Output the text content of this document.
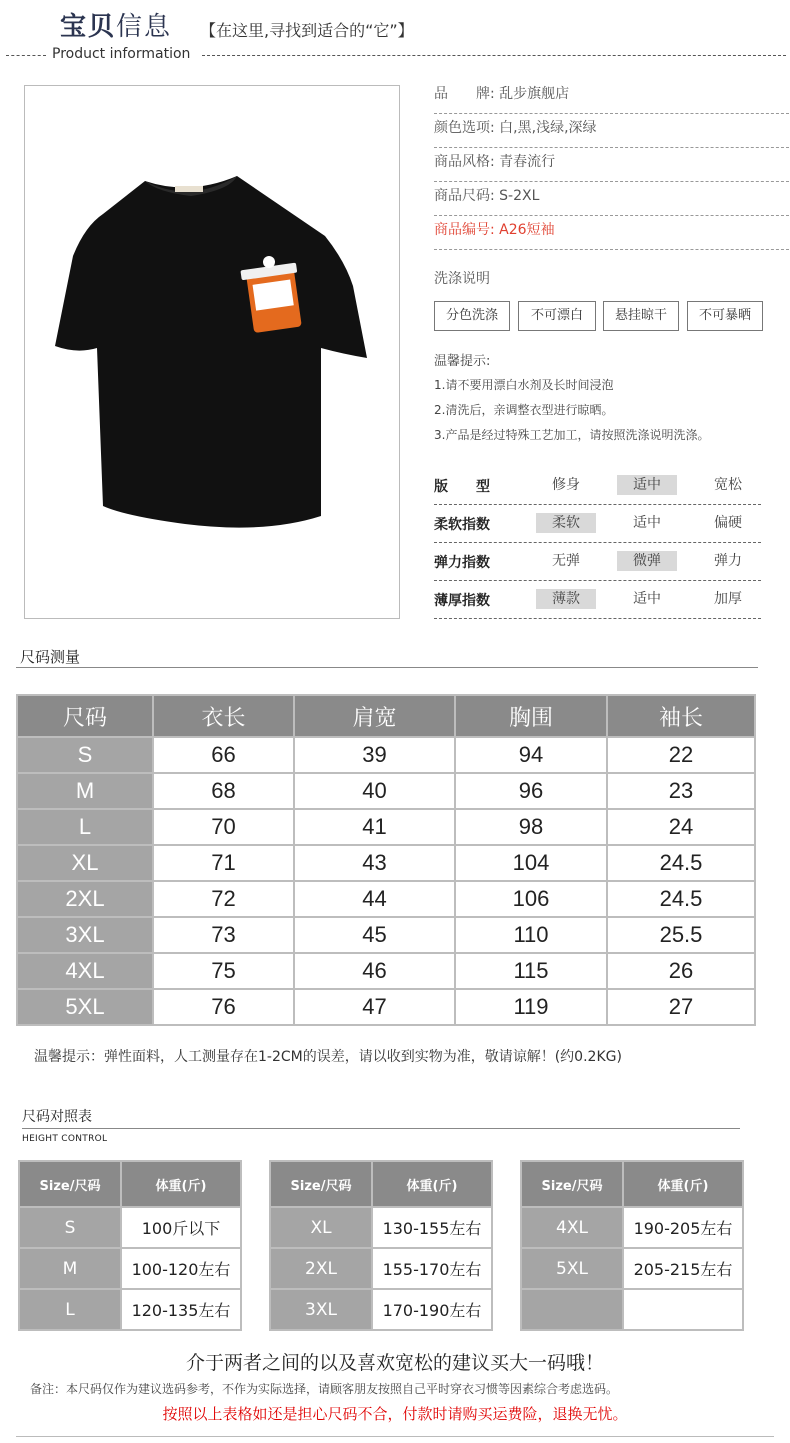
宝贝信息 【在这里,寻找到适合的“它”】
Product information
品　　牌: 乱步旗舰店
颜色选项: 白,黑,浅绿,深绿
商品风格: 青春流行
商品尺码: S-2XL
商品编号: A26短袖
洗涤说明
分色洗涤	不可漂白	悬挂晾干	不可暴晒
温馨提示:
1.请不要用漂白水剂及长时间浸泡
2.清洗后，亲调整衣型进行晾晒。
3.产品是经过特殊工艺加工，请按照洗涤说明洗涤。
版　　型	修身	适中	宽松
柔软指数	柔软	适中	偏硬
弹力指数	无弹	微弹	弹力
薄厚指数	薄款	适中	加厚
尺码测量
尺码	衣长	肩宽	胸围	袖长
S	66	39	94	22
M	68	40	96	23
L	70	41	98	24
XL	71	43	104	24.5
2XL	72	44	106	24.5
3XL	73	45	110	25.5
4XL	75	46	115	26
5XL	76	47	119	27
温馨提示：弹性面料，人工测量存在1-2CM的误差，请以收到实物为准，敬请谅解！(约0.2KG)
尺码对照表
HEIGHT CONTROL
Size/尺码	体重(斤)
S	100斤以下
M	100-120左右
L	120-135左右
Size/尺码	体重(斤)
XL	130-155左右
2XL	155-170左右
3XL	170-190左右
Size/尺码	体重(斤)
4XL	190-205左右
5XL	205-215左右

介于两者之间的以及喜欢宽松的建议买大一码哦！
备注：本尺码仅作为建议选码参考，不作为实际选择，请顾客朋友按照自己平时穿衣习惯等因素综合考虑选码。
按照以上表格如还是担心尺码不合，付款时请购买运费险，退换无忧。
